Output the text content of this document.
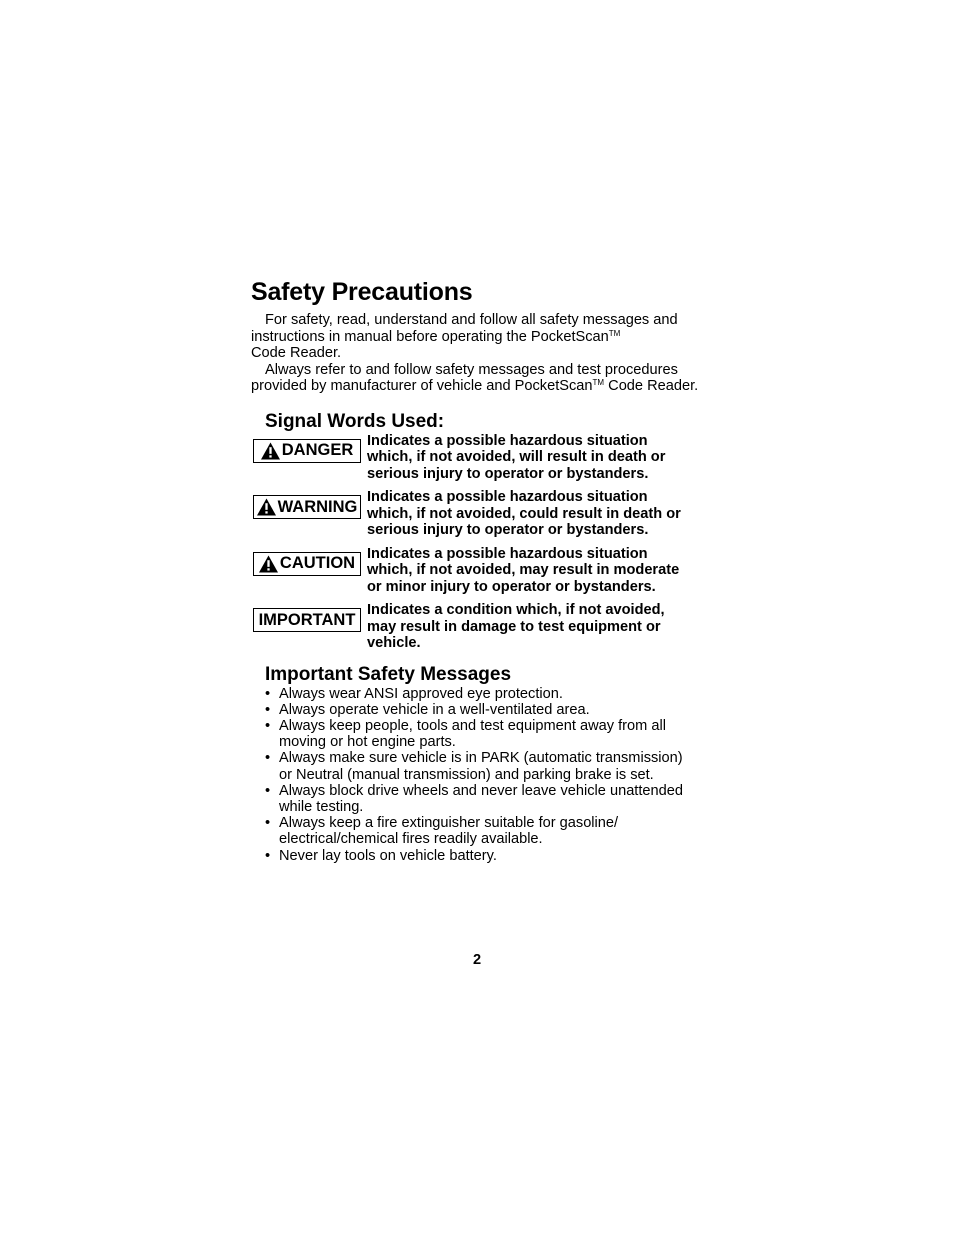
Safety Precautions

For safety, read, understand and follow all safety messages and instructions in manual before operating the PocketScan™
Code Reader.

Always refer to and follow safety messages and test procedures provided by manufacturer of vehicle and PocketScan™ Code Reader.

Signal Words Used:
DANGER
Indicates a possible hazardous situation which, if not avoided, will result in death or serious injury to operator or bystanders.
WARNING
Indicates a possible hazardous situation which, if not avoided, could result in death or serious injury to operator or bystanders.
CAUTION
Indicates a possible hazardous situation which, if not avoided, may result in moderate or minor injury to operator or bystanders.
IMPORTANT
Indicates a condition which, if not avoided, may result in damage to test equipment or vehicle.
Important Safety Messages
• Always wear ANSI approved eye protection.
• Always operate vehicle in a well-ventilated area.
• Always keep people, tools and test equipment away from all moving or hot engine parts.
• Always make sure vehicle is in PARK (automatic transmission) or Neutral (manual transmission) and parking brake is set.
• Always block drive wheels and never leave vehicle unattended while testing.
• Always keep a fire extinguisher suitable for gasoline/ electrical/chemical fires readily available.
• Never lay tools on vehicle battery.
2
